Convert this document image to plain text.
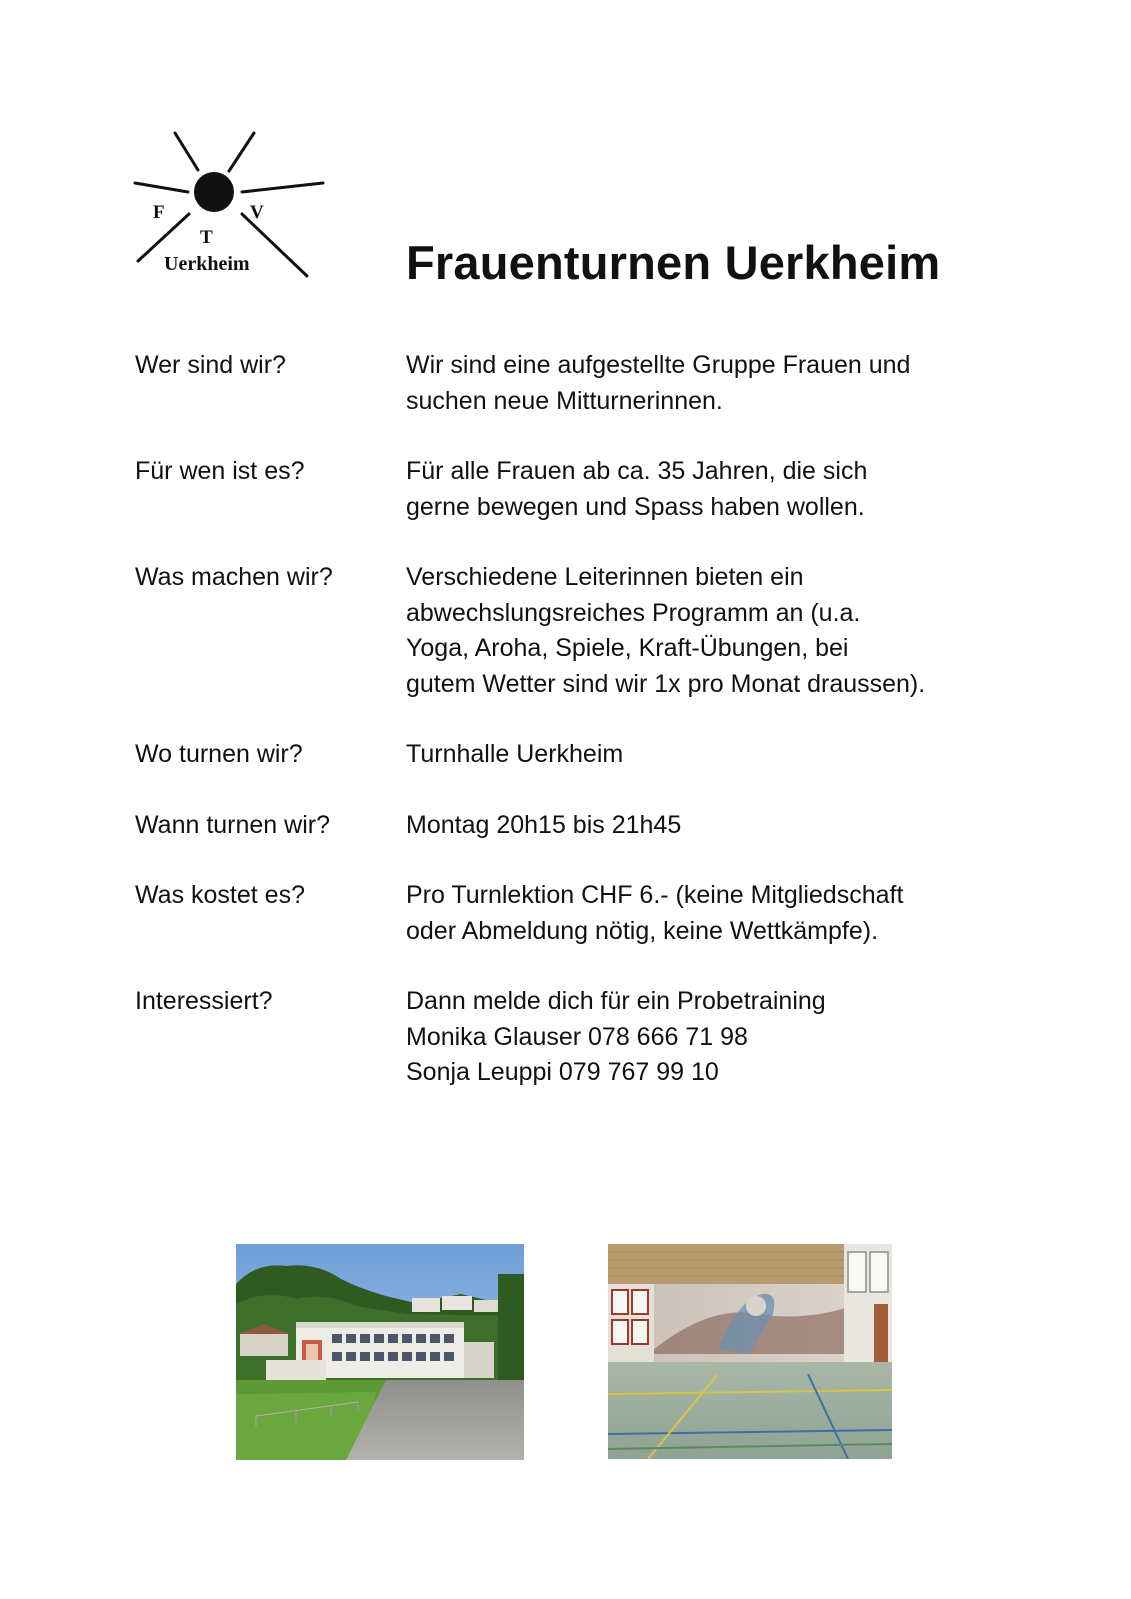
F	V
T
Uerkheim	Frauenturnen Uerkheim
Wer sind wir?	Wir sind eine aufgestellte Gruppe Frauen und
suchen neue Mitturnerinnen.
Für wen ist es?	Für alle Frauen ab ca. 35 Jahren, die sich
gerne bewegen und Spass haben wollen.
Was machen wir?	Verschiedene Leiterinnen bieten ein
abwechslungsreiches Programm an (u.a.
Yoga, Aroha, Spiele, Kraft-Übungen, bei
gutem Wetter sind wir 1x pro Monat draussen).
Wo turnen wir?	Turnhalle Uerkheim
Wann turnen wir?	Montag 20h15 bis 21h45
Was kostet es?	Pro Turnlektion CHF 6.- (keine Mitgliedschaft
oder Abmeldung nötig, keine Wettkämpfe).
Interessiert?	Dann melde dich für ein Probetraining
Monika Glauser 078 666 71 98
Sonja Leuppi 079 767 99 10
